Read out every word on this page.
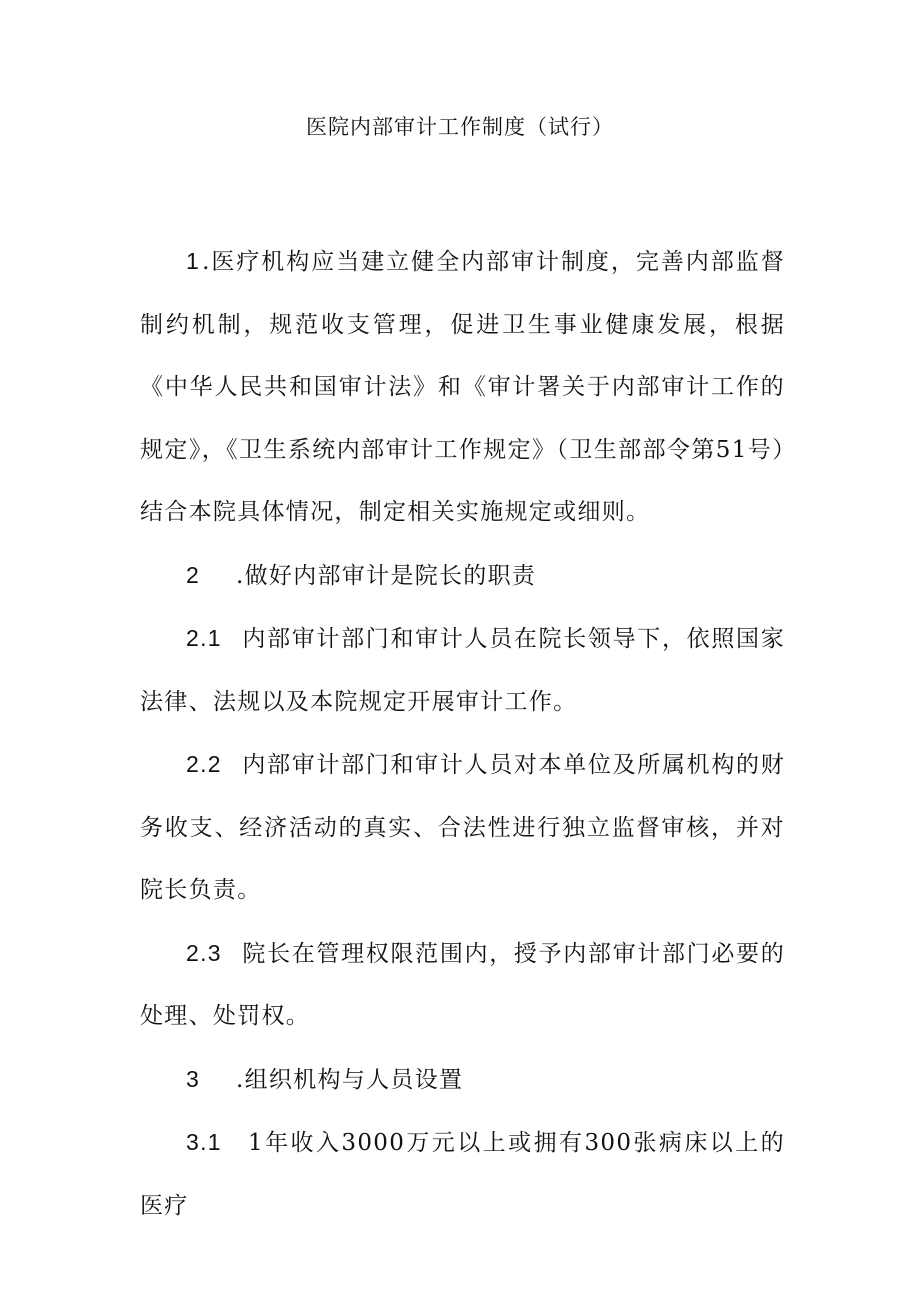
医院内部审计工作制度（试行）

1.医疗机构应当建立健全内部审计制度，完善内部监督制约机制，规范收支管理，促进卫生事业健康发展，根据《中华人民共和国审计法》和《审计署关于内部审计工作的规定》，《卫生系统内部审计工作规定》（卫生部部令第51号）结合本院具体情况，制定相关实施规定或细则。

2 .做好内部审计是院长的职责

2.1 内部审计部门和审计人员在院长领导下，依照国家法律、法规以及本院规定开展审计工作。

2.2 内部审计部门和审计人员对本单位及所属机构的财务收支、经济活动的真实、合法性进行独立监督审核，并对院长负责。

2.3 院长在管理权限范围内，授予内部审计部门必要的处理、处罚权。

3 .组织机构与人员设置

3.1 1年收入3000万元以上或拥有300张病床以上的医疗
